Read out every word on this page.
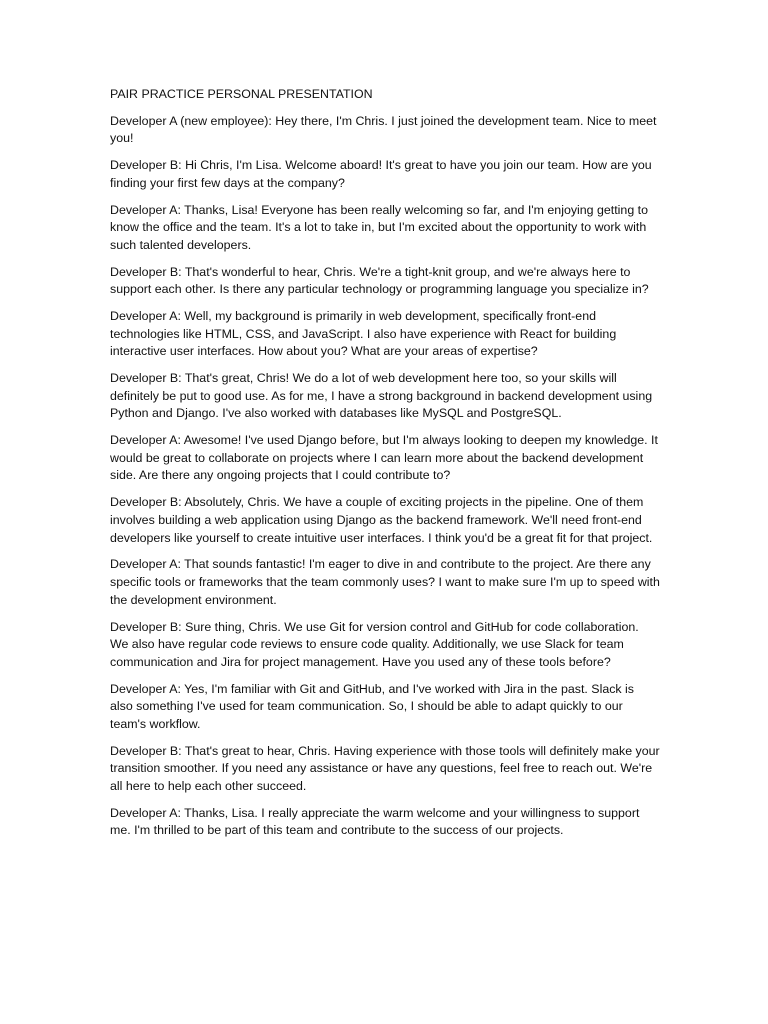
PAIR PRACTICE PERSONAL PRESENTATION

Developer A (new employee): Hey there, I'm Chris. I just joined the development team. Nice to meet you!

Developer B: Hi Chris, I'm Lisa. Welcome aboard! It's great to have you join our team. How are you finding your first few days at the company?

Developer A: Thanks, Lisa! Everyone has been really welcoming so far, and I'm enjoying getting to know the office and the team. It's a lot to take in, but I'm excited about the opportunity to work with such talented developers.

Developer B: That's wonderful to hear, Chris. We're a tight-knit group, and we're always here to support each other. Is there any particular technology or programming language you specialize in?

Developer A: Well, my background is primarily in web development, specifically front-end technologies like HTML, CSS, and JavaScript. I also have experience with React for building interactive user interfaces. How about you? What are your areas of expertise?

Developer B: That's great, Chris! We do a lot of web development here too, so your skills will definitely be put to good use. As for me, I have a strong background in backend development using Python and Django. I've also worked with databases like MySQL and PostgreSQL.

Developer A: Awesome! I've used Django before, but I'm always looking to deepen my knowledge. It would be great to collaborate on projects where I can learn more about the backend development side. Are there any ongoing projects that I could contribute to?

Developer B: Absolutely, Chris. We have a couple of exciting projects in the pipeline. One of them involves building a web application using Django as the backend framework. We'll need front-end developers like yourself to create intuitive user interfaces. I think you'd be a great fit for that project.

Developer A: That sounds fantastic! I'm eager to dive in and contribute to the project. Are there any specific tools or frameworks that the team commonly uses? I want to make sure I'm up to speed with the development environment.

Developer B: Sure thing, Chris. We use Git for version control and GitHub for code collaboration. We also have regular code reviews to ensure code quality. Additionally, we use Slack for team communication and Jira for project management. Have you used any of these tools before?

Developer A: Yes, I'm familiar with Git and GitHub, and I've worked with Jira in the past. Slack is also something I've used for team communication. So, I should be able to adapt quickly to our team's workflow.

Developer B: That's great to hear, Chris. Having experience with those tools will definitely make your transition smoother. If you need any assistance or have any questions, feel free to reach out. We're all here to help each other succeed.

Developer A: Thanks, Lisa. I really appreciate the warm welcome and your willingness to support me. I'm thrilled to be part of this team and contribute to the success of our projects.
